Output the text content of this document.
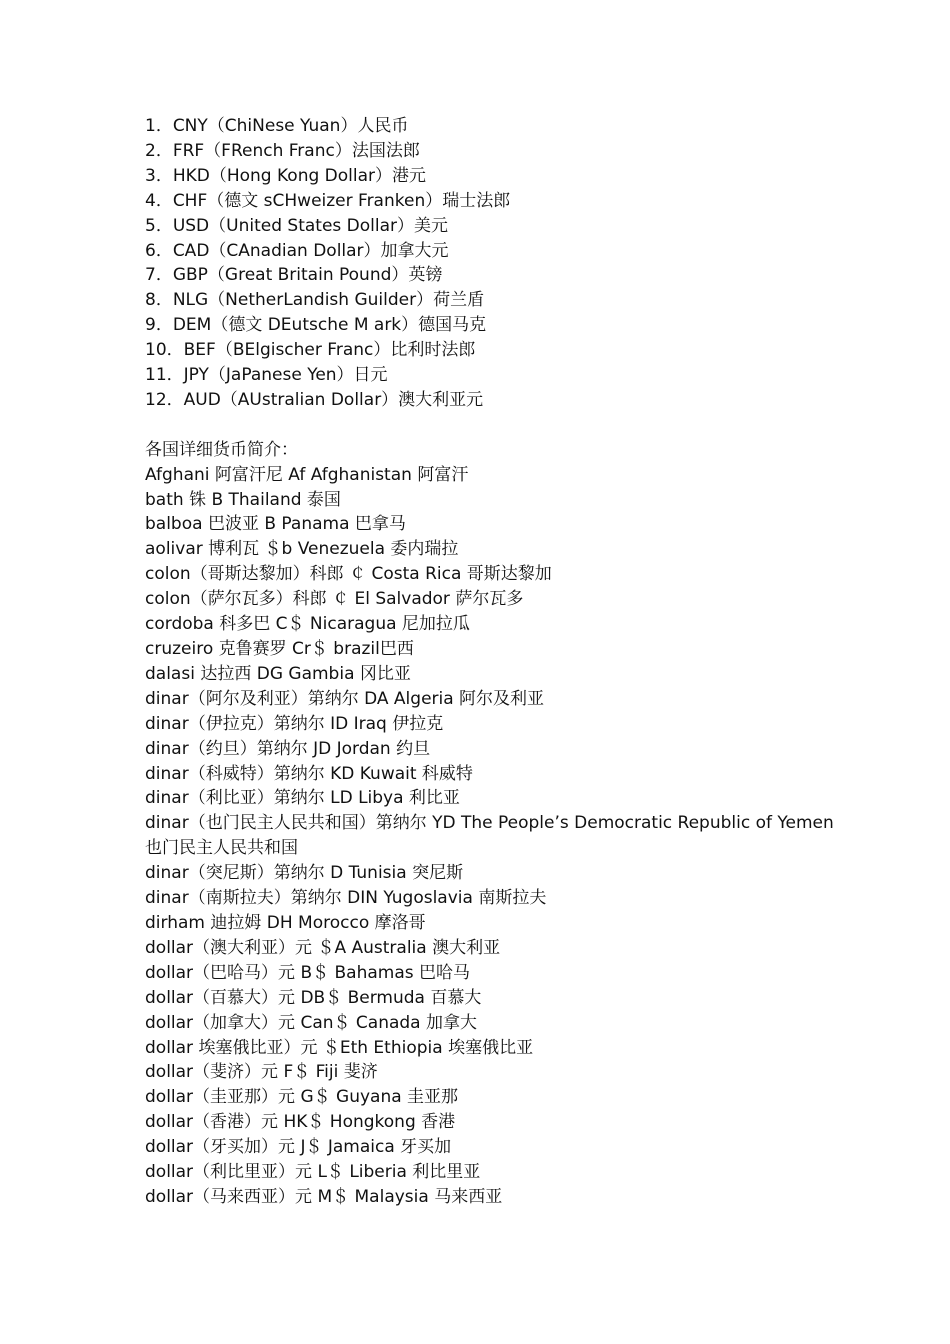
1．CNY（ChiNese Yuan）人民币
2．FRF（FRench Franc）法国法郎
3．HKD（Hong Kong Dollar）港元
4．CHF（德文 sCHweizer Franken）瑞士法郎
5．USD（United States Dollar）美元
6．CAD（CAnadian Dollar）加拿大元
7．GBP（Great Britain Pound）英镑
8．NLG（NetherLandish Guilder）荷兰盾
9．DEM（德文 DEutsche M ark）德国马克
10．BEF（BElgischer Franc）比利时法郎
11．JPY（JaPanese Yen）日元
12．AUD（AUstralian Dollar）澳大利亚元
各国详细货币简介：
Afghani 阿富汗尼 Af Afghanistan 阿富汗
bath 铢 B Thailand 泰国
balboa 巴波亚 B Panama 巴拿马
aolivar 博利瓦 ＄b Venezuela 委内瑞拉
colon（哥斯达黎加）科郎 ￠ Costa Rica 哥斯达黎加
colon（萨尔瓦多）科郎 ￠ El Salvador 萨尔瓦多
cordoba 科多巴 C＄ Nicaragua 尼加拉瓜
cruzeiro 克鲁赛罗 Cr＄ brazil巴西
dalasi 达拉西 DG Gambia 冈比亚
dinar（阿尔及利亚）第纳尔 DA Algeria 阿尔及利亚
dinar（伊拉克）第纳尔 ID Iraq 伊拉克
dinar（约旦）第纳尔 JD Jordan 约旦
dinar（科威特）第纳尔 KD Kuwait 科威特
dinar（利比亚）第纳尔 LD Libya 利比亚
dinar（也门民主人民共和国）第纳尔 YD The People’s Democratic Republic of Yemen 也门民主人民共和国
dinar（突尼斯）第纳尔 D Tunisia 突尼斯
dinar（南斯拉夫）第纳尔 DIN Yugoslavia 南斯拉夫
dirham 迪拉姆 DH Morocco 摩洛哥
dollar（澳大利亚）元 ＄A Australia 澳大利亚
dollar（巴哈马）元 B＄ Bahamas 巴哈马
dollar（百慕大）元 DB＄ Bermuda 百慕大
dollar（加拿大）元 Can＄ Canada 加拿大
dollar 埃塞俄比亚）元 ＄Eth Ethiopia 埃塞俄比亚
dollar（斐济）元 F＄ Fiji 斐济
dollar（圭亚那）元 G＄ Guyana 圭亚那
dollar（香港）元 HK＄ Hongkong 香港
dollar（牙买加）元 J＄ Jamaica 牙买加
dollar（利比里亚）元 L＄ Liberia 利比里亚
dollar（马来西亚）元 M＄ Malaysia 马来西亚
